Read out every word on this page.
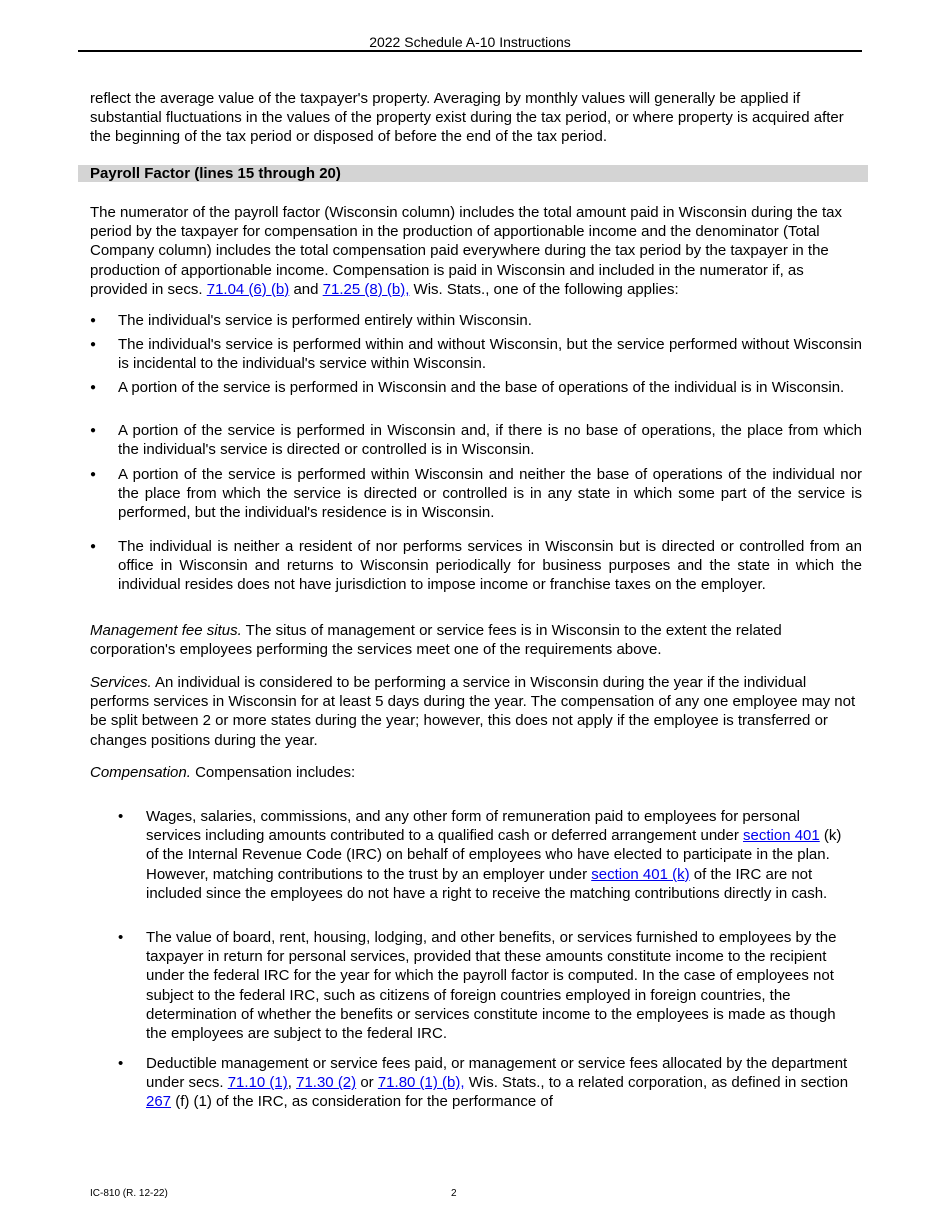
2022 Schedule A-10 Instructions

reflect the average value of the taxpayer's property. Averaging by monthly values will generally be applied if substantial fluctuations in the values of the property exist during the tax period, or where property is acquired after the beginning of the tax period or disposed of before the end of the tax period.

Payroll Factor (lines 15 through 20)

The numerator of the payroll factor (Wisconsin column) includes the total amount paid in Wisconsin during the tax period by the taxpayer for compensation in the production of apportionable income and the denominator (Total Company column) includes the total compensation paid everywhere during the tax period by the taxpayer in the production of apportionable income. Compensation is paid in Wisconsin and included in the numerator if, as provided in secs. 71.04 (6) (b) and 71.25 (8) (b), Wis. Stats., one of the following applies:

● The individual's service is performed entirely within Wisconsin.
● The individual's service is performed within and without Wisconsin, but the service performed without Wisconsin is incidental to the individual's service within Wisconsin.
● A portion of the service is performed in Wisconsin and the base of operations of the individual is in Wisconsin.
● A portion of the service is performed in Wisconsin and, if there is no base of operations, the place from which the individual's service is directed or controlled is in Wisconsin.
● A portion of the service is performed within Wisconsin and neither the base of operations of the individual nor the place from which the service is directed or controlled is in any state in which some part of the service is performed, but the individual's residence is in Wisconsin.
● The individual is neither a resident of nor performs services in Wisconsin but is directed or controlled from an office in Wisconsin and returns to Wisconsin periodically for business purposes and the state in which the individual resides does not have jurisdiction to impose income or franchise taxes on the employer.

Management fee situs. The situs of management or service fees is in Wisconsin to the extent the related corporation's employees performing the services meet one of the requirements above.

Services. An individual is considered to be performing a service in Wisconsin during the year if the individual performs services in Wisconsin for at least 5 days during the year. The compensation of any one employee may not be split between 2 or more states during the year; however, this does not apply if the employee is transferred or changes positions during the year.

Compensation. Compensation includes:

• Wages, salaries, commissions, and any other form of remuneration paid to employees for personal services including amounts contributed to a qualified cash or deferred arrangement under section 401 (k) of the Internal Revenue Code (IRC) on behalf of employees who have elected to participate in the plan. However, matching contributions to the trust by an employer under section 401 (k) of the IRC are not included since the employees do not have a right to receive the matching contributions directly in cash.
• The value of board, rent, housing, lodging, and other benefits, or services furnished to employees by the taxpayer in return for personal services, provided that these amounts constitute income to the recipient under the federal IRC for the year for which the payroll factor is computed. In the case of employees not subject to the federal IRC, such as citizens of foreign countries employed in foreign countries, the determination of whether the benefits or services constitute income to the employees is made as though the employees are subject to the federal IRC.
• Deductible management or service fees paid, or management or service fees allocated by the department under secs. 71.10 (1), 71.30 (2) or 71.80 (1) (b), Wis. Stats., to a related corporation, as defined in section 267 (f) (1) of the IRC, as consideration for the performance of
IC-810 (R. 12-22)	2
